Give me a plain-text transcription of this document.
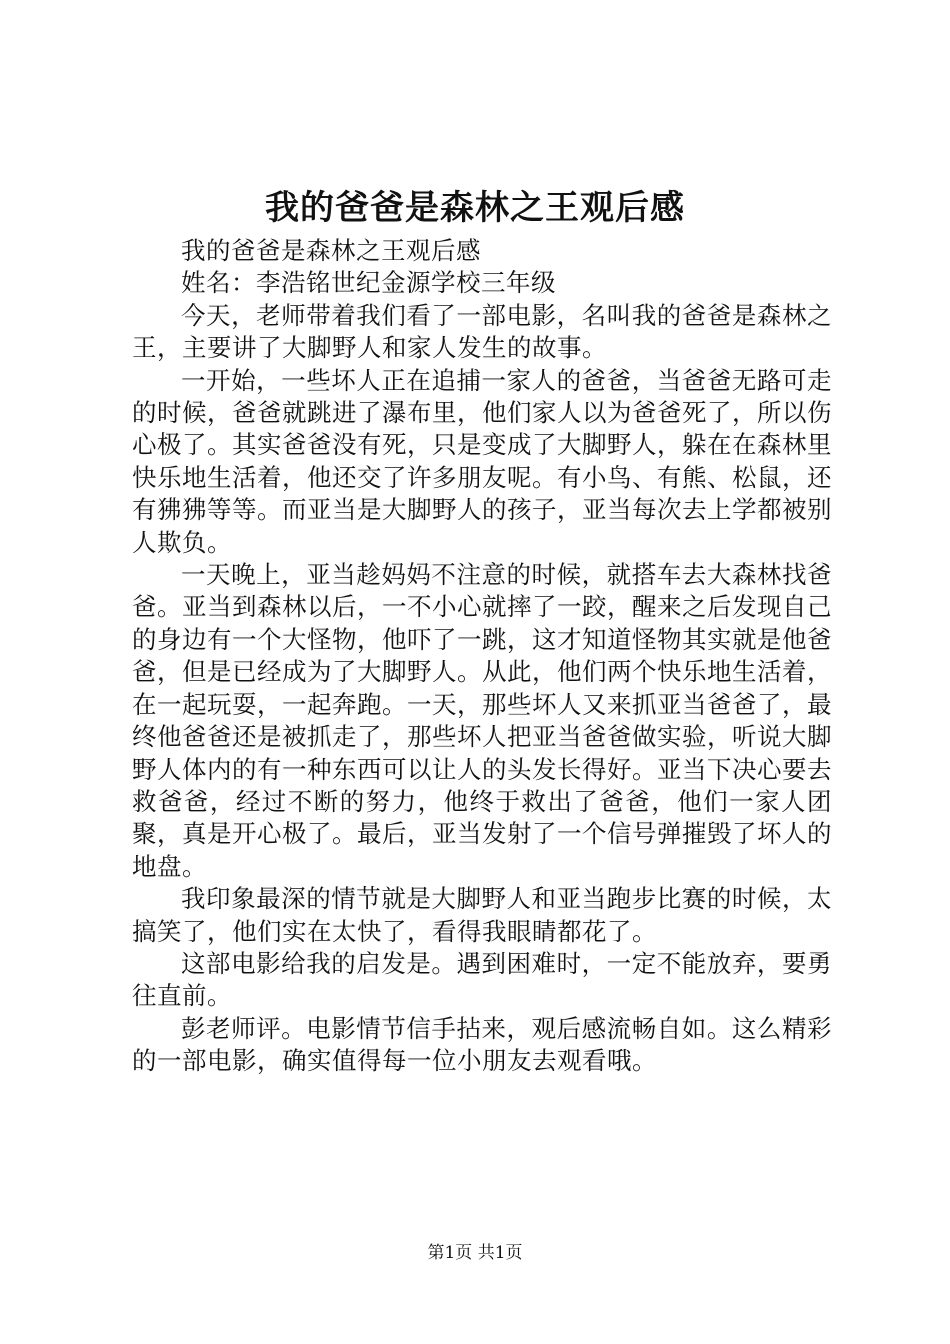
我的爸爸是森林之王观后感

我的爸爸是森林之王观后感

姓名：李浩铭世纪金源学校三年级

今天，老师带着我们看了一部电影，名叫我的爸爸是森林之王，主要讲了大脚野人和家人发生的故事。

一开始，一些坏人正在追捕一家人的爸爸，当爸爸无路可走的时候，爸爸就跳进了瀑布里，他们家人以为爸爸死了，所以伤心极了。其实爸爸没有死，只是变成了大脚野人，躲在在森林里快乐地生活着，他还交了许多朋友呢。有小鸟、有熊、松鼠，还有狒狒等等。而亚当是大脚野人的孩子，亚当每次去上学都被别人欺负。

一天晚上，亚当趁妈妈不注意的时候，就搭车去大森林找爸爸。亚当到森林以后，一不小心就摔了一跤，醒来之后发现自己的身边有一个大怪物，他吓了一跳，这才知道怪物其实就是他爸爸，但是已经成为了大脚野人。从此，他们两个快乐地生活着，在一起玩耍，一起奔跑。一天，那些坏人又来抓亚当爸爸了，最终他爸爸还是被抓走了，那些坏人把亚当爸爸做实验，听说大脚野人体内的有一种东西可以让人的头发长得好。亚当下决心要去救爸爸，经过不断的努力，他终于救出了爸爸，他们一家人团聚，真是开心极了。最后，亚当发射了一个信号弹摧毁了坏人的地盘。

我印象最深的情节就是大脚野人和亚当跑步比赛的时候，太搞笑了，他们实在太快了，看得我眼睛都花了。

这部电影给我的启发是。遇到困难时，一定不能放弃，要勇往直前。

彭老师评。电影情节信手拈来，观后感流畅自如。这么精彩的一部电影，确实值得每一位小朋友去观看哦。

第1页 共1页
